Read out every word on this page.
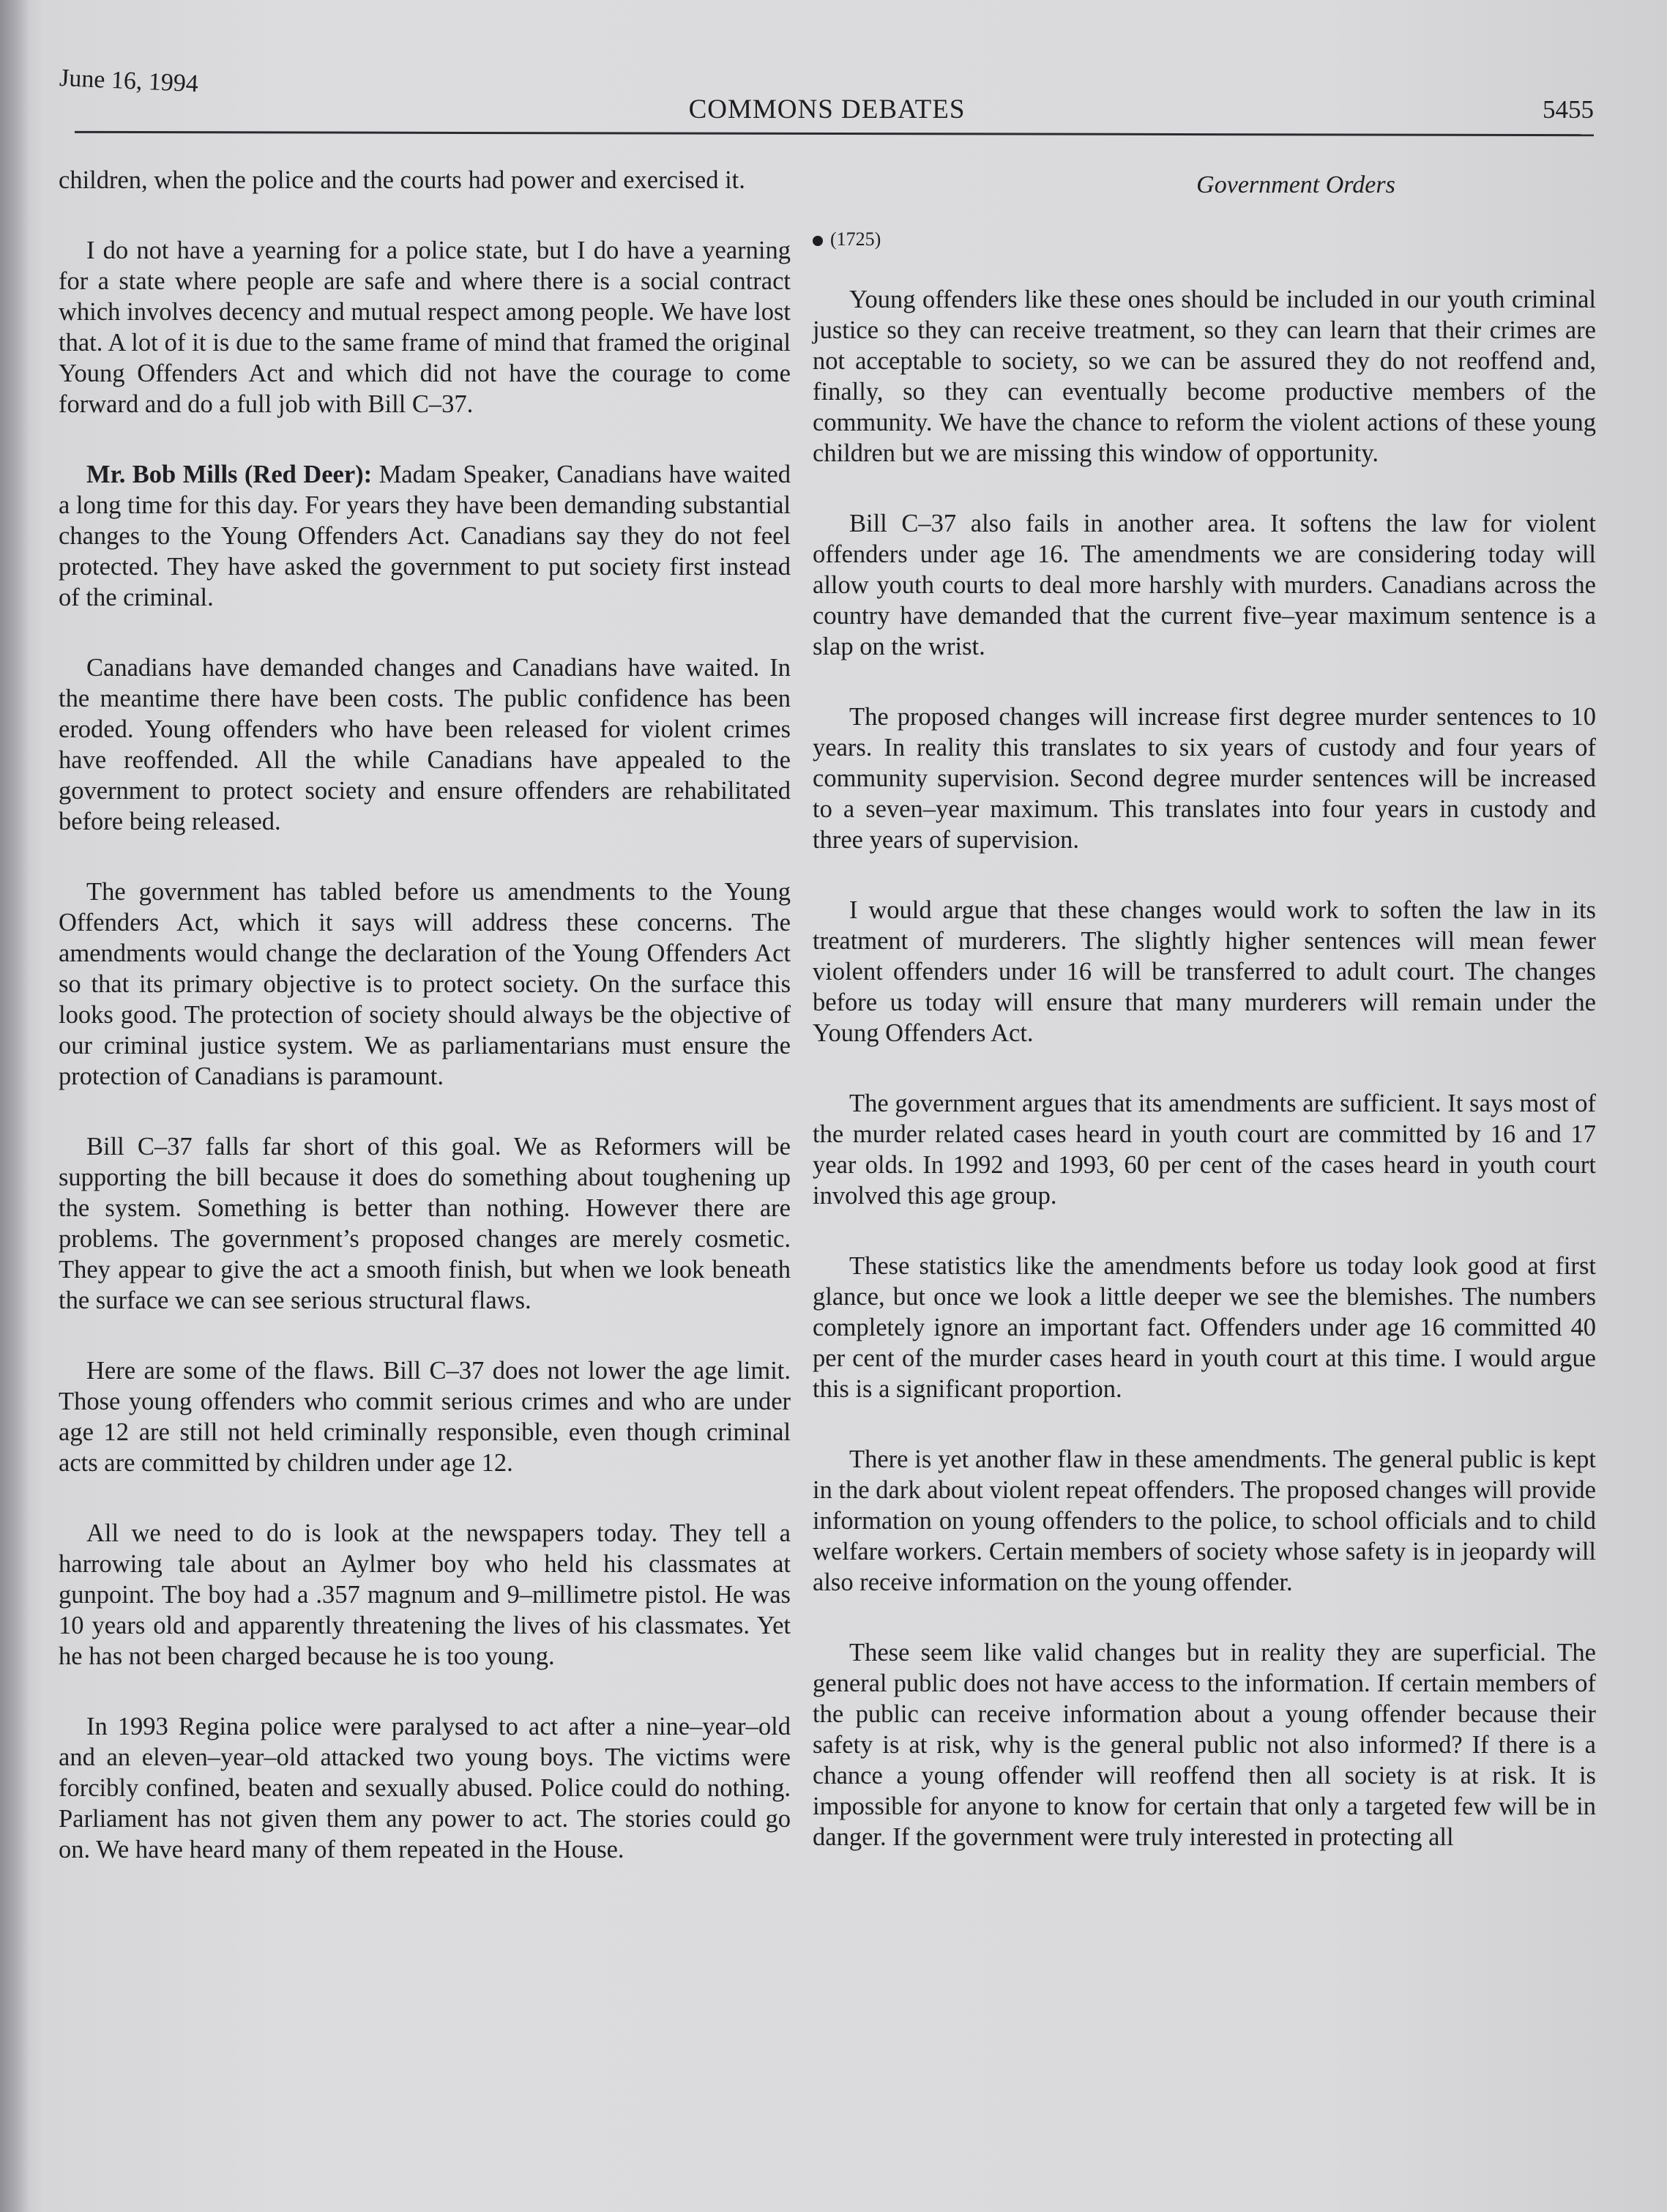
June 16, 1994
COMMONS DEBATES	5455

children, when the police and the courts had power and exercised it.

I do not have a yearning for a police state, but I do have a yearning for a state where people are safe and where there is a social contract which involves decency and mutual respect among people. We have lost that. A lot of it is due to the same frame of mind that framed the original Young Offenders Act and which did not have the courage to come forward and do a full job with Bill C–37.

Mr. Bob Mills (Red Deer): Madam Speaker, Canadians have waited a long time for this day. For years they have been demanding substantial changes to the Young Offenders Act. Canadians say they do not feel protected. They have asked the government to put society first instead of the criminal.

Canadians have demanded changes and Canadians have waited. In the meantime there have been costs. The public confidence has been eroded. Young offenders who have been released for violent crimes have reoffended. All the while Canadians have appealed to the government to protect society and ensure offenders are rehabilitated before being released.

The government has tabled before us amendments to the Young Offenders Act, which it says will address these concerns. The amendments would change the declaration of the Young Offenders Act so that its primary objective is to protect society. On the surface this looks good. The protection of society should always be the objective of our criminal justice system. We as parliamentarians must ensure the protection of Canadians is paramount.

Bill C–37 falls far short of this goal. We as Reformers will be supporting the bill because it does do something about toughening up the system. Something is better than nothing. However there are problems. The government’s proposed changes are merely cosmetic. They appear to give the act a smooth finish, but when we look beneath the surface we can see serious structural flaws.

Here are some of the flaws. Bill C–37 does not lower the age limit. Those young offenders who commit serious crimes and who are under age 12 are still not held criminally responsible, even though criminal acts are committed by children under age 12.

All we need to do is look at the newspapers today. They tell a harrowing tale about an Aylmer boy who held his classmates at gunpoint. The boy had a .357 magnum and 9–millimetre pistol. He was 10 years old and apparently threatening the lives of his classmates. Yet he has not been charged because he is too young.

In 1993 Regina police were paralysed to act after a nine–year–old and an eleven–year–old attacked two young boys. The victims were forcibly confined, beaten and sexually abused. Police could do nothing. Parliament has not given them any power to act. The stories could go on. We have heard many of them repeated in the House.

Government Orders
(1725)

Young offenders like these ones should be included in our youth criminal justice so they can receive treatment, so they can learn that their crimes are not acceptable to society, so we can be assured they do not reoffend and, finally, so they can eventually become productive members of the community. We have the chance to reform the violent actions of these young children but we are missing this window of opportunity.

Bill C–37 also fails in another area. It softens the law for violent offenders under age 16. The amendments we are considering today will allow youth courts to deal more harshly with murders. Canadians across the country have demanded that the current five–year maximum sentence is a slap on the wrist.

The proposed changes will increase first degree murder sentences to 10 years. In reality this translates to six years of custody and four years of community supervision. Second degree murder sentences will be increased to a seven–year maximum. This translates into four years in custody and three years of supervision.

I would argue that these changes would work to soften the law in its treatment of murderers. The slightly higher sentences will mean fewer violent offenders under 16 will be transferred to adult court. The changes before us today will ensure that many murderers will remain under the Young Offenders Act.

The government argues that its amendments are sufficient. It says most of the murder related cases heard in youth court are committed by 16 and 17 year olds. In 1992 and 1993, 60 per cent of the cases heard in youth court involved this age group.

These statistics like the amendments before us today look good at first glance, but once we look a little deeper we see the blemishes. The numbers completely ignore an important fact. Offenders under age 16 committed 40 per cent of the murder cases heard in youth court at this time. I would argue this is a significant proportion.

There is yet another flaw in these amendments. The general public is kept in the dark about violent repeat offenders. The proposed changes will provide information on young offenders to the police, to school officials and to child welfare workers. Certain members of society whose safety is in jeopardy will also receive information on the young offender.

These seem like valid changes but in reality they are superficial. The general public does not have access to the information. If certain members of the public can receive information about a young offender because their safety is at risk, why is the general public not also informed? If there is a chance a young offender will reoffend then all society is at risk. It is impossible for anyone to know for certain that only a targeted few will be in danger. If the government were truly interested in protecting all
